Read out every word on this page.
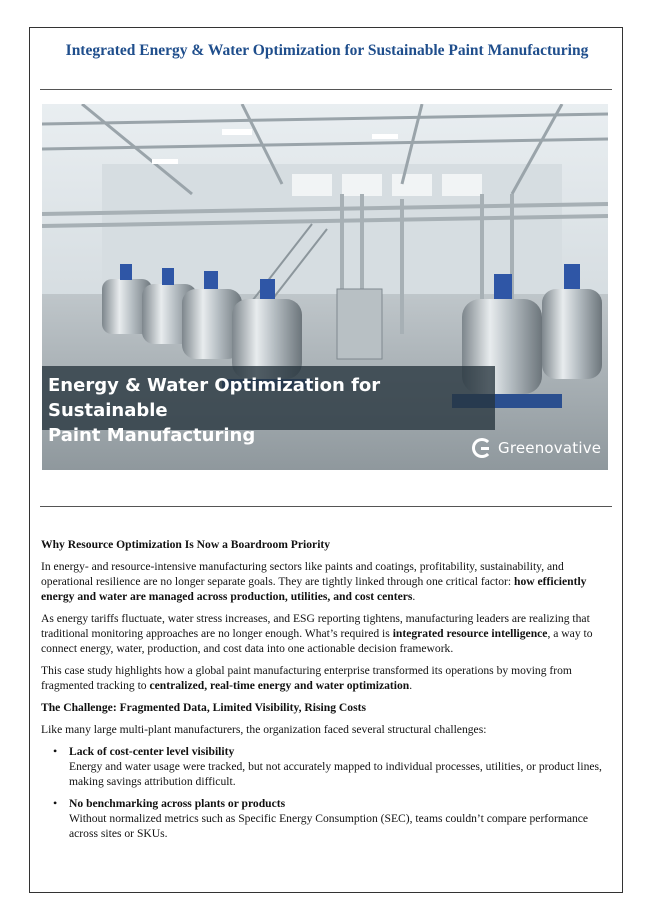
Integrated Energy & Water Optimization for Sustainable Paint Manufacturing
Energy & Water Optimization for Sustainable
Paint Manufacturing
Greenovative
Why Resource Optimization Is Now a Boardroom Priority

In energy- and resource-intensive manufacturing sectors like paints and coatings, profitability, sustainability, and operational resilience are no longer separate goals. They are tightly linked through one critical factor: how efficiently energy and water are managed across production, utilities, and cost centers.

As energy tariffs fluctuate, water stress increases, and ESG reporting tightens, manufacturing leaders are realizing that traditional monitoring approaches are no longer enough. What’s required is integrated resource intelligence, a way to connect energy, water, production, and cost data into one actionable decision framework.

This case study highlights how a global paint manufacturing enterprise transformed its operations by moving from fragmented tracking to centralized, real-time energy and water optimization.

The Challenge: Fragmented Data, Limited Visibility, Rising Costs

Like many large multi-plant manufacturers, the organization faced several structural challenges:

• Lack of cost-center level visibility
Energy and water usage were tracked, but not accurately mapped to individual processes, utilities, or product lines, making savings attribution difficult.
• No benchmarking across plants or products
Without normalized metrics such as Specific Energy Consumption (SEC), teams couldn’t compare performance across sites or SKUs.
